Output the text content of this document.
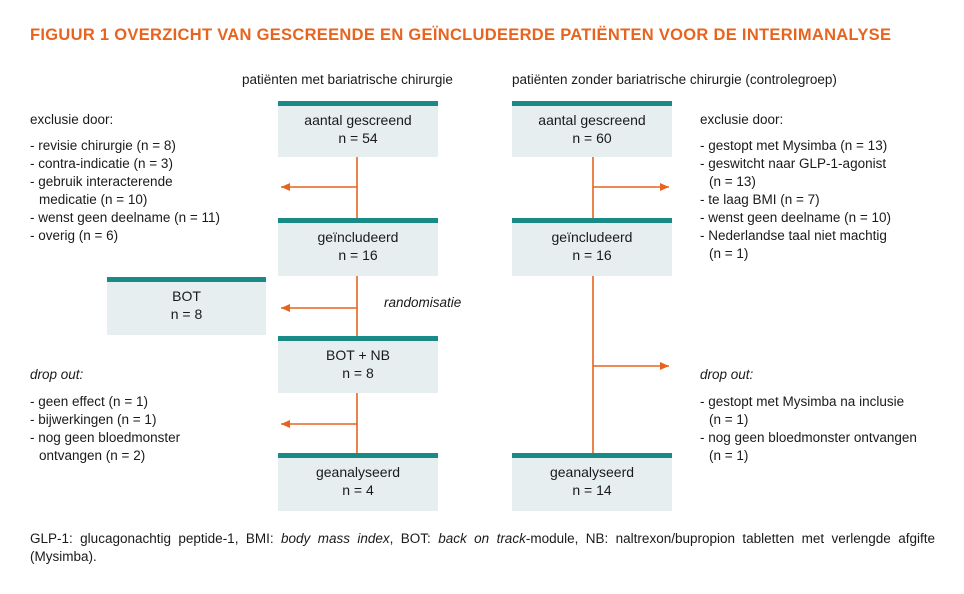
FIGUUR 1 OVERZICHT VAN GESCREENDE EN GEÏNCLUDEERDE PATIËNTEN VOOR DE INTERIMANALYSE
patiënten met bariatrische chirurgie	patiënten zonder bariatrische chirurgie (controlegroep)
aantal gescreend
n = 54
geïncludeerd
n = 16
BOT
n = 8
BOT + NB
n = 8
geanalyseerd
n = 4
randomisatie
aantal gescreend
n = 60
geïncludeerd
n = 16
geanalyseerd
n = 14
exclusie door:
- revisie chirurgie (n = 8)
- contra-indicatie (n = 3)
- gebruik interacterende
medicatie (n = 10)
- wenst geen deelname (n = 11)
- overig (n = 6)
drop out:
- geen effect (n = 1)
- bijwerkingen (n = 1)
- nog geen bloedmonster
ontvangen (n = 2)
exclusie door:
- gestopt met Mysimba (n = 13)
- geswitcht naar GLP-1-agonist
(n = 13)
- te laag BMI (n = 7)
- wenst geen deelname (n = 10)
- Nederlandse taal niet machtig
(n = 1)
drop out:
- gestopt met Mysimba na inclusie
(n = 1)
- nog geen bloedmonster ontvangen
(n = 1)
GLP-1: glucagonachtig peptide-1, BMI: body mass index, BOT: back on track-module, NB: naltrexon/bupropion tabletten met verlengde afgifte (Mysimba).
